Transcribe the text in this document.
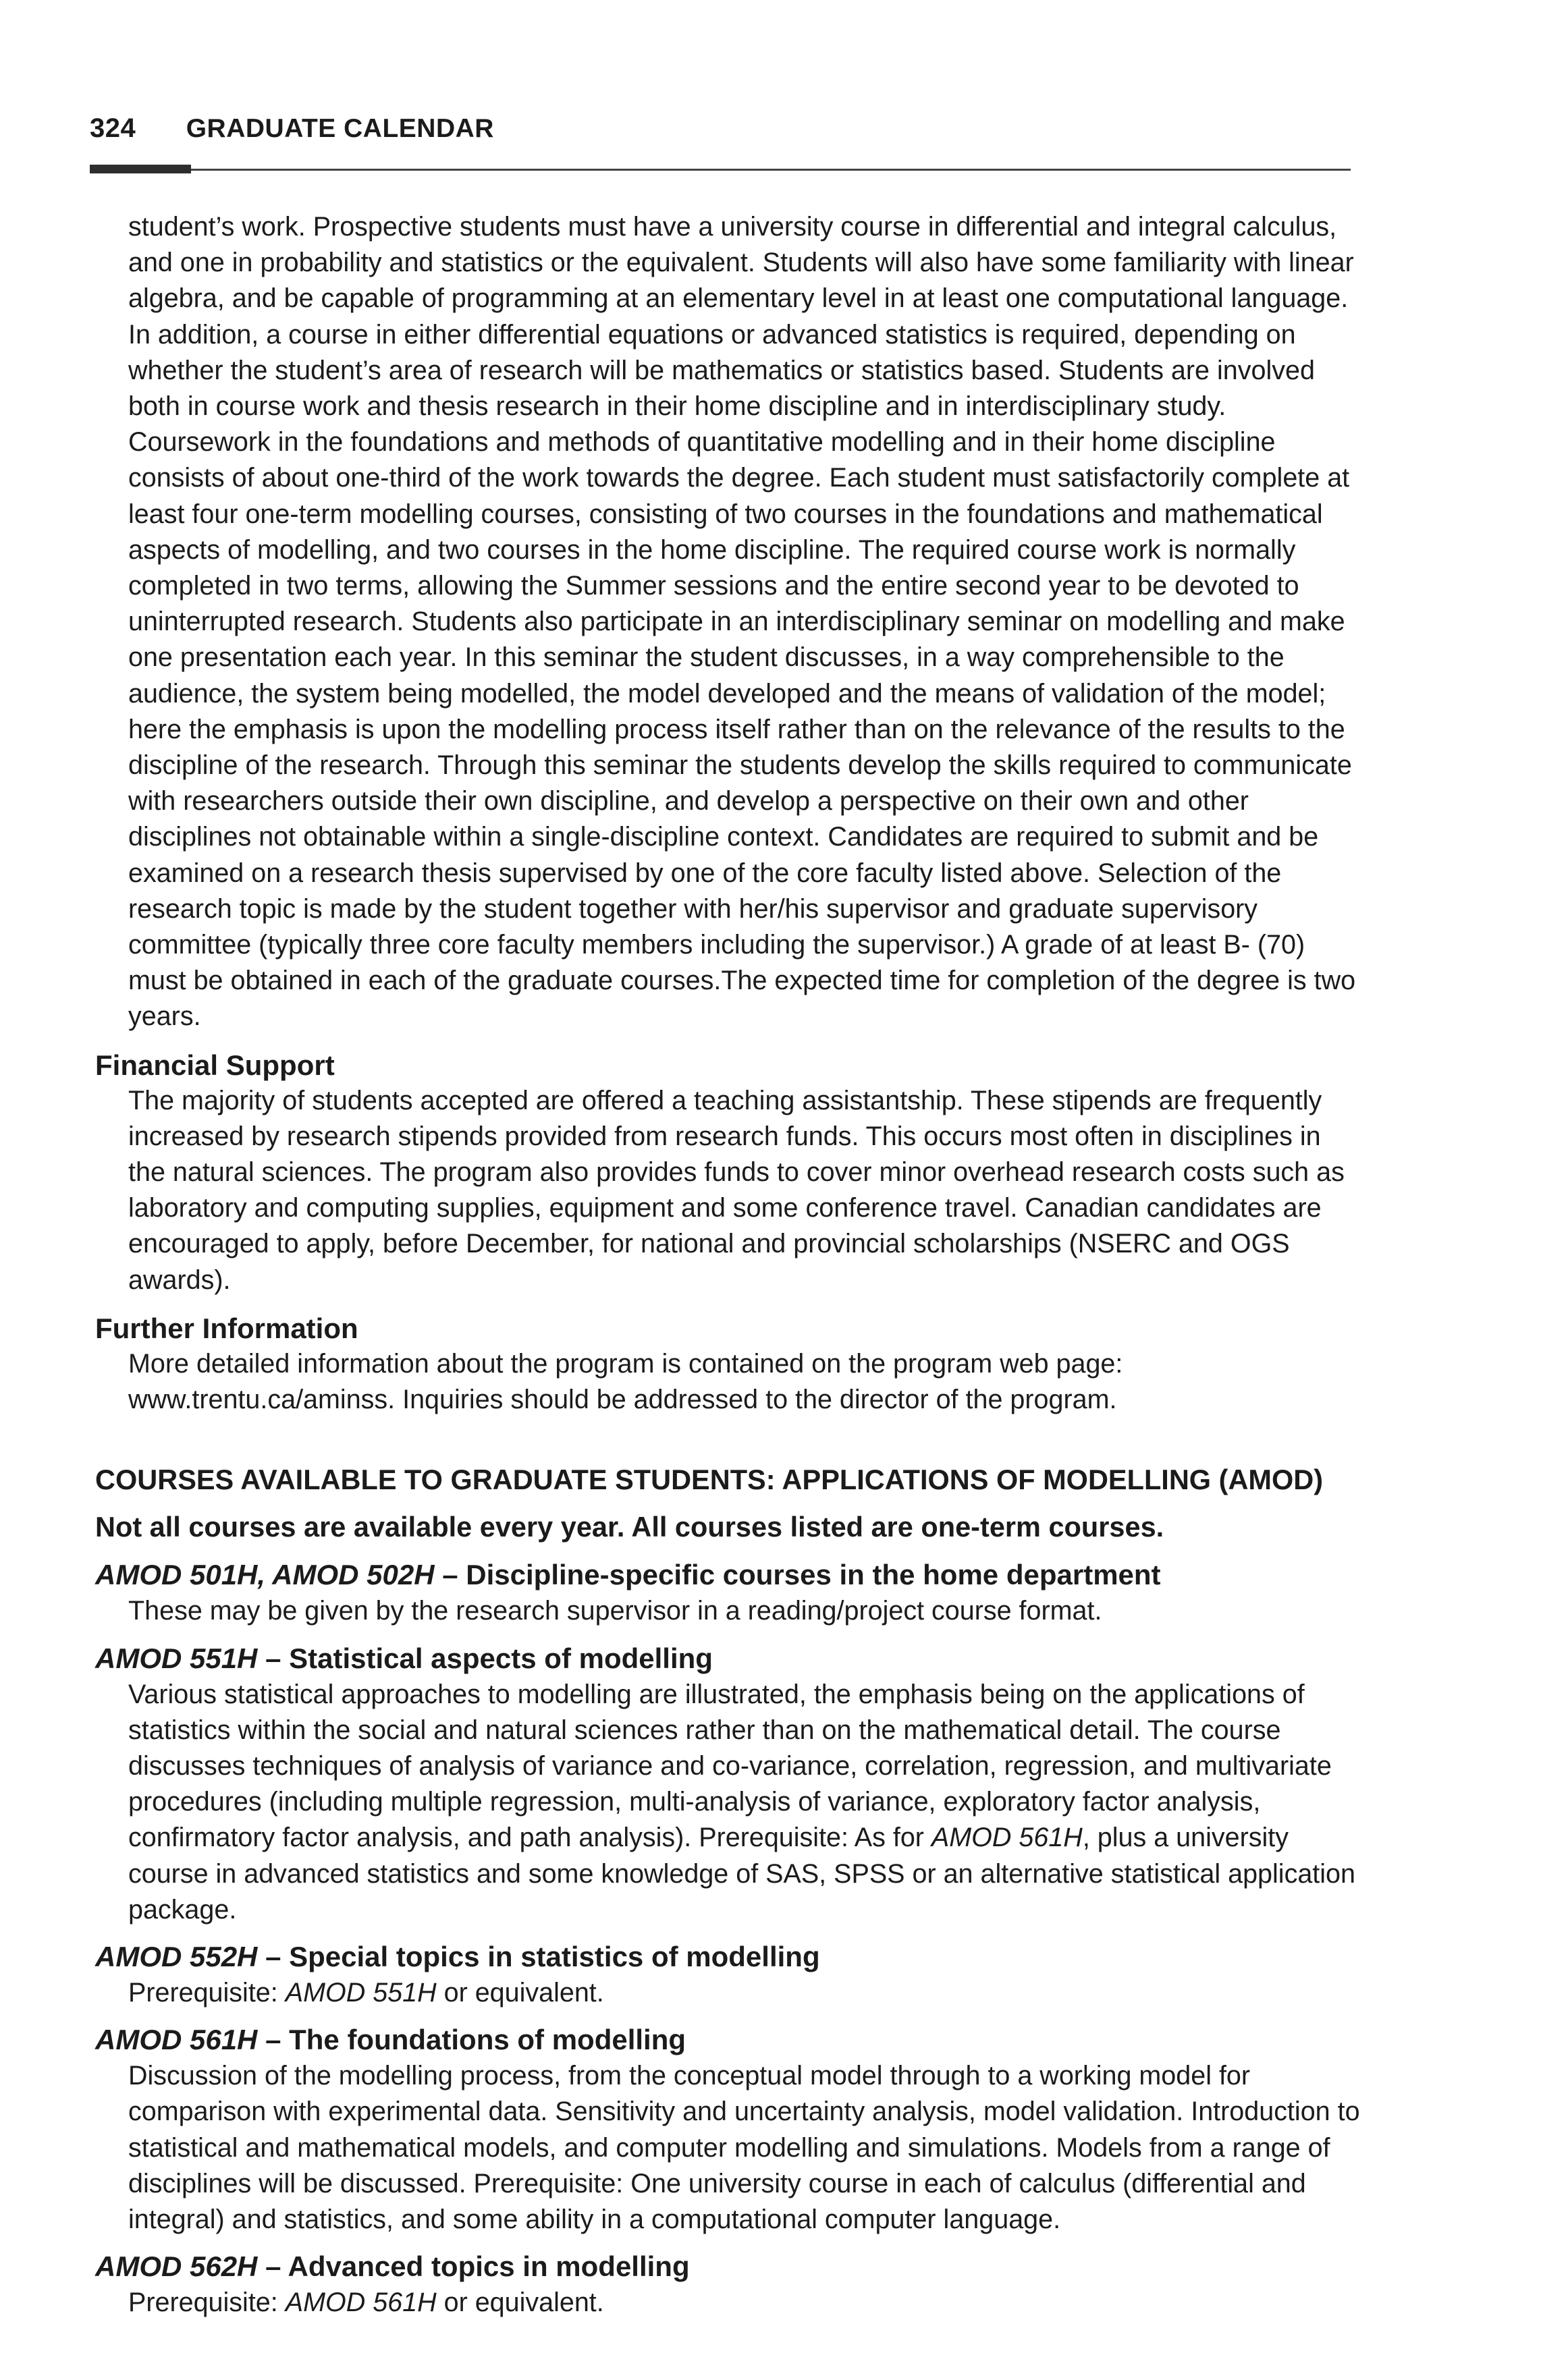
324 GRADUATE CALENDAR
student’s work. Prospective students must have a university course in differential and integral calculus, and one in probability and statistics or the equivalent. Students will also have some familiarity with linear algebra, and be capable of programming at an elementary level in at least one computational language. In addition, a course in either differential equations or advanced statistics is required, depending on whether the student’s area of research will be mathematics or statistics based. Students are involved both in course work and thesis research in their home discipline and in interdisciplinary study. Coursework in the foundations and methods of quantitative modelling and in their home discipline consists of about one-third of the work towards the degree. Each student must satisfactorily complete at least four one-term modelling courses, consisting of two courses in the foundations and mathematical aspects of modelling, and two courses in the home discipline. The required course work is normally completed in two terms, allowing the Summer sessions and the entire second year to be devoted to uninterrupted research. Students also participate in an interdisciplinary seminar on modelling and make one presentation each year. In this seminar the student discusses, in a way comprehensible to the audience, the system being modelled, the model developed and the means of validation of the model; here the emphasis is upon the modelling process itself rather than on the relevance of the results to the discipline of the research. Through this seminar the students develop the skills required to communicate with researchers outside their own discipline, and develop a perspective on their own and other disciplines not obtainable within a single-discipline context. Candidates are required to submit and be examined on a research thesis supervised by one of the core faculty listed above. Selection of the research topic is made by the student together with her/his supervisor and graduate supervisory committee (typically three core faculty members including the supervisor.) A grade of at least B- (70) must be obtained in each of the graduate courses.The expected time for completion of the degree is two years.
Financial Support
The majority of students accepted are offered a teaching assistantship. These stipends are frequently increased by research stipends provided from research funds. This occurs most often in disciplines in the natural sciences. The program also provides funds to cover minor overhead research costs such as laboratory and computing supplies, equipment and some conference travel. Canadian candidates are encouraged to apply, before December, for national and provincial scholarships (NSERC and OGS awards).
Further Information
More detailed information about the program is contained on the program web page: www.trentu.ca/aminss. Inquiries should be addressed to the director of the program.
COURSES AVAILABLE TO GRADUATE STUDENTS: APPLICATIONS OF MODELLING (AMOD)
Not all courses are available every year. All courses listed are one-term courses.
AMOD 501H, AMOD 502H – Discipline-specific courses in the home department
These may be given by the research supervisor in a reading/project course format.
AMOD 551H – Statistical aspects of modelling
Various statistical approaches to modelling are illustrated, the emphasis being on the applications of statistics within the social and natural sciences rather than on the mathematical detail. The course discusses techniques of analysis of variance and co-variance, correlation, regression, and multivariate procedures (including multiple regression, multi-analysis of variance, exploratory factor analysis, confirmatory factor analysis, and path analysis). Prerequisite: As for AMOD 561H, plus a university course in advanced statistics and some knowledge of SAS, SPSS or an alternative statistical application package.
AMOD 552H – Special topics in statistics of modelling
Prerequisite: AMOD 551H or equivalent.
AMOD 561H – The foundations of modelling
Discussion of the modelling process, from the conceptual model through to a working model for comparison with experimental data. Sensitivity and uncertainty analysis, model validation. Introduction to statistical and mathematical models, and computer modelling and simulations. Models from a range of disciplines will be discussed. Prerequisite: One university course in each of calculus (differential and integral) and statistics, and some ability in a computational computer language.
AMOD 562H – Advanced topics in modelling
Prerequisite: AMOD 561H or equivalent.
